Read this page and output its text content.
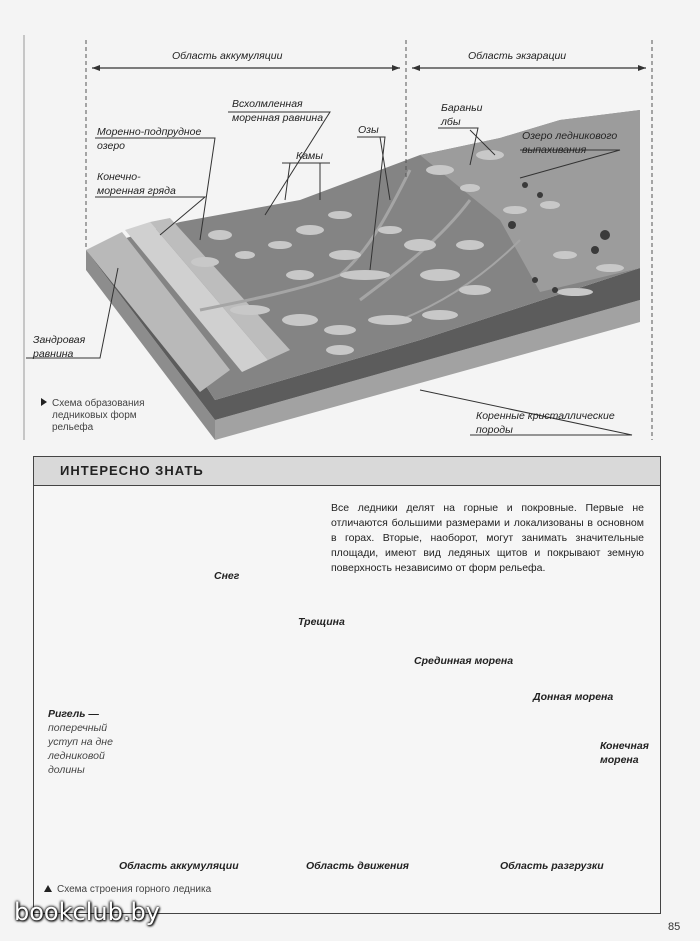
Область аккумуляции	Область экзарации
Моренно-подпрудное
озеро
Всхолмленная
моренная равнина
Камы
Озы
Бараньи
лбы
Озеро ледникового
выпахивания
Конечно-
моренная гряда
Зандровая
равнина
Коренные кристаллические
породы
Схема образования
ледниковых форм
рельефа
ИНТЕРЕСНО ЗНАТЬ
Все ледники делят на горные и покровные. Первые не отличаются большими размерами и локализованы в основном в горах. Вторые, наоборот, могут занимать значительные площади, имеют вид ледяных щитов и покрывают земную поверхность независимо от форм рельефа.
Снег
Трещина
Срединная морена
Донная морена
Конечная
морена
Ригель —
поперечный
уступ на дне
ледниковой
долины
Область аккумуляции	Область движения	Область разгрузки
Схема строения горного ледника
bookclub.by
85
